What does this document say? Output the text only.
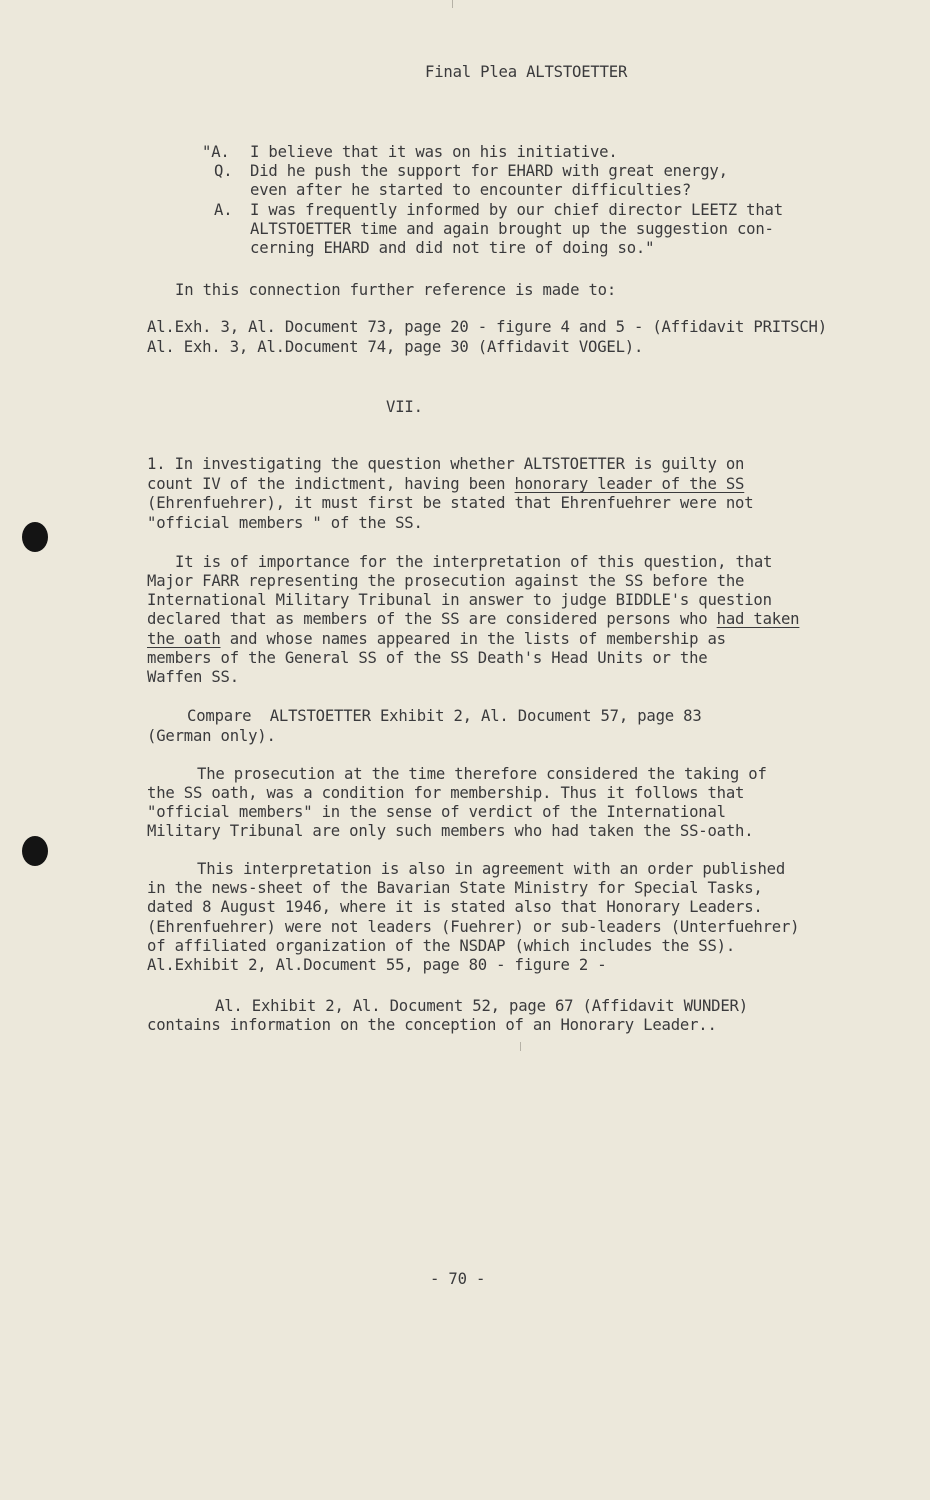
Final Plea ALTSTOETTER

"A. I believe that it was on his initiative.

Q. Did he push the support for EHARD with great energy,

even after he started to encounter difficulties?

A. I was frequently informed by our chief director LEETZ that

ALTSTOETTER time and again brought up the suggestion con-

cerning EHARD and did not tire of doing so."

In this connection further reference is made to:

Al.Exh. 3, Al. Document 73, page 20 - figure 4 and 5 - (Affidavit PRITSCH)

Al. Exh. 3, Al.Document 74, page 30 (Affidavit VOGEL).

VII.

1. In investigating the question whether ALTSTOETTER is guilty on

count IV of the indictment, having been honorary leader of the SS

(Ehrenfuehrer), it must first be stated that Ehrenfuehrer were not

"official members " of the SS.

It is of importance for the interpretation of this question, that

Major FARR representing the prosecution against the SS before the

International Military Tribunal in answer to judge BIDDLE's question

declared that as members of the SS are considered persons who had taken

the oath and whose names appeared in the lists of membership as

members of the General SS of the SS Death's Head Units or the

Waffen SS.

Compare  ALTSTOETTER Exhibit 2, Al. Document 57, page 83

(German only).

The prosecution at the time therefore considered the taking of

the SS oath, was a condition for membership. Thus it follows that

"official members" in the sense of verdict of the International

Military Tribunal are only such members who had taken the SS-oath.

This interpretation is also in agreement with an order published

in the news-sheet of the Bavarian State Ministry for Special Tasks,

dated 8 August 1946, where it is stated also that Honorary Leaders.

(Ehrenfuehrer) were not leaders (Fuehrer) or sub-leaders (Unterfuehrer)

of affiliated organization of the NSDAP (which includes the SS).

Al.Exhibit 2, Al.Document 55, page 80 - figure 2 -

Al. Exhibit 2, Al. Document 52, page 67 (Affidavit WUNDER)

contains information on the conception of an Honorary Leader..

- 70 -
